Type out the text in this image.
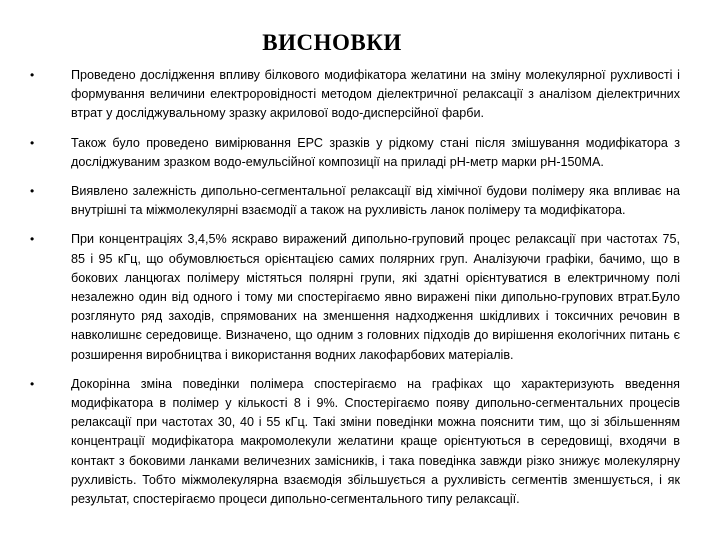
ВИСНОВКИ
•	Проведено дослідження впливу білкового модифікатора желатини на зміну молекулярної рухливості і формування величини електроровідності методом діелектричної релаксації з аналізом діелектричних втрат у досліджувальному зразку акрилової водо-дисперсійної фарби.
•	Також було проведено вимірювання ЕРС зразків у рідкому стані після змішування модифікатора з досліджуваним зразком водо-емульсійної композиції на приладі рН-метр марки рН-150МА.
•	Виявлено залежність дипольно-сегментальної релаксації від хімічної будови полімеру яка впливає на внутрішні та міжмолекулярні взаємодії а також на рухливість ланок полімеру та модифікатора.
•	При концентраціях 3,4,5% яскраво виражений дипольно-груповий процес релаксації при частотах 75, 85 і 95 кГц, що обумовлюється орієнтацією самих полярних груп. Аналізуючи графіки, бачимо, що в бокових ланцюгах полімеру містяться полярні групи, які здатні орієнтуватися в електричному полі незалежно один від одного і тому ми спостерігаємо явно виражені піки дипольно-групових втрат.Було розглянуто ряд заходів, спрямованих на зменшення надходження шкідливих і токсичних речовин в навколишнє середовище. Визначено, що одним з головних підходів до вирішення екологічних питань є розширення виробництва і використання водних лакофарбових матеріалів.
•	Докорінна зміна поведінки полімера спостерігаємо на графіках що характеризують введення модифікатора в полімер у кількості 8 і 9%. Спостерігаємо появу дипольно-сегментальних процесів релаксації при частотах 30, 40 і 55 кГц. Такі зміни поведінки можна пояснити тим, що зі збільшенням концентрації модифікатора макромолекули желатини краще орієнтуються в середовищі, входячи в контакт з боковими ланками величезних замісників, і така поведінка завжди різко знижує молекулярну рухливість. Тобто міжмолекулярна взаємодія збільшується а рухливість сегментів зменшується, і як результат, спостерігаємо процеси дипольно-сегментального типу релаксації.
